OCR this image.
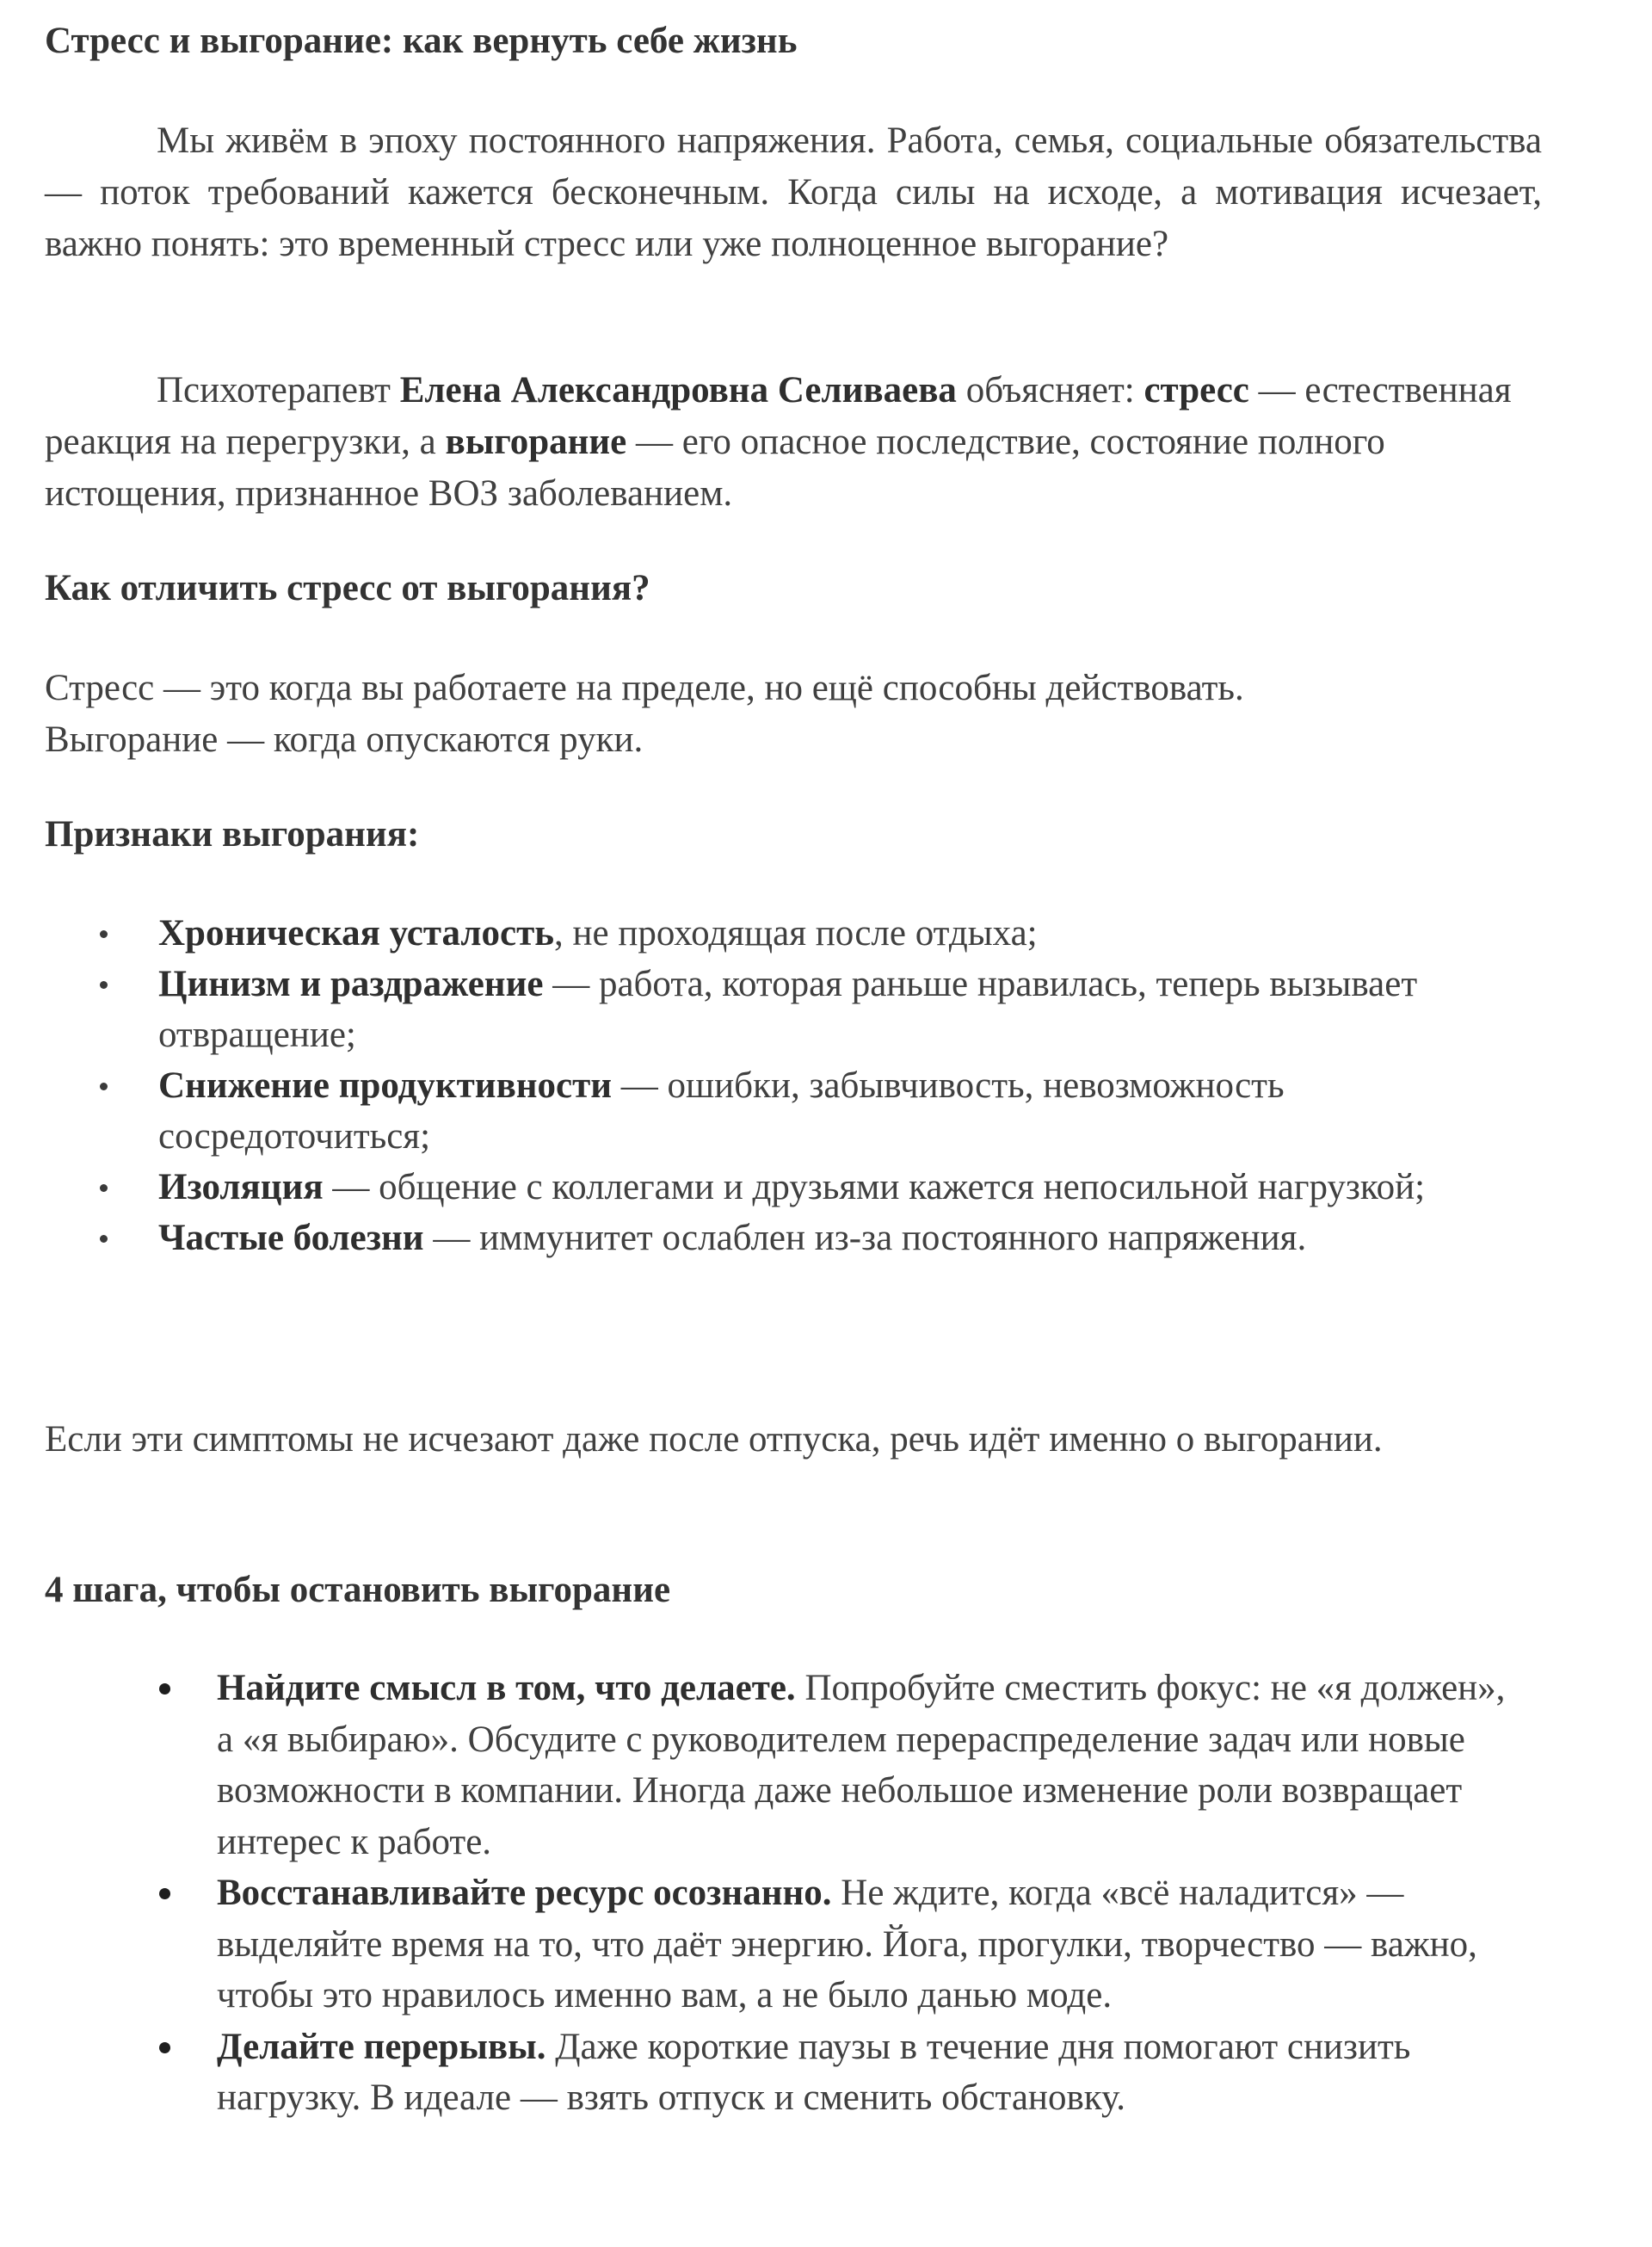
Стресс и выгорание: как вернуть себе жизнь

Мы живём в эпоху постоянного напряжения. Работа, семья, социальные обязательства — поток требований кажется бесконечным. Когда силы на исходе, а мотивация исчезает, важно понять: это временный стресс или уже полноценное выгорание?

Психотерапевт Елена Александровна Селиваева объясняет: стресс — естественная реакция на перегрузки, а выгорание — его опасное последствие, состояние полного истощения, признанное ВОЗ заболеванием.

Как отличить стресс от выгорания?

Стресс — это когда вы работаете на пределе, но ещё способны действовать.
Выгорание — когда опускаются руки.

Признаки выгорания:
Хроническая усталость, не проходящая после отдыха;
Цинизм и раздражение — работа, которая раньше нравилась, теперь вызывает отвращение;
Снижение продуктивности — ошибки, забывчивость, невозможность сосредоточиться;
Изоляция — общение с коллегами и друзьями кажется непосильной нагрузкой;
Частые болезни — иммунитет ослаблен из-за постоянного напряжения.

Если эти симптомы не исчезают даже после отпуска, речь идёт именно о выгорании.

4 шага, чтобы остановить выгорание
Найдите смысл в том, что делаете. Попробуйте сместить фокус: не «я должен», а «я выбираю». Обсудите с руководителем перераспределение задач или новые возможности в компании. Иногда даже небольшое изменение роли возвращает интерес к работе.
Восстанавливайте ресурс осознанно. Не ждите, когда «всё наладится» — выделяйте время на то, что даёт энергию. Йога, прогулки, творчество — важно, чтобы это нравилось именно вам, а не было данью моде.
Делайте перерывы. Даже короткие паузы в течение дня помогают снизить нагрузку. В идеале — взять отпуск и сменить обстановку.
